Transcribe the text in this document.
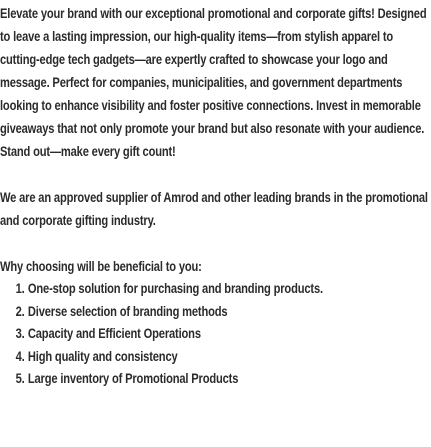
Elevate your brand with our exceptional promotional and corporate gifts! Designed to leave a lasting impression, our high-quality items—from stylish apparel to cutting-edge tech gadgets—are expertly crafted to showcase your logo and message. Perfect for companies, municipalities, and government departments looking to enhance visibility and foster positive connections. Invest in memorable giveaways that not only promote your brand but also resonate with your audience. Stand out—make every gift count!

We are an approved supplier of Amrod and other leading brands in the promotional and corporate gifting industry.

Why choosing will be beneficial to you:

1. One-stop solution for purchasing and branding products.
2. Diverse selection of branding methods
3. Capacity and Efficient Operations
4. High quality and consistency
5. Large inventory of Promotional Products
